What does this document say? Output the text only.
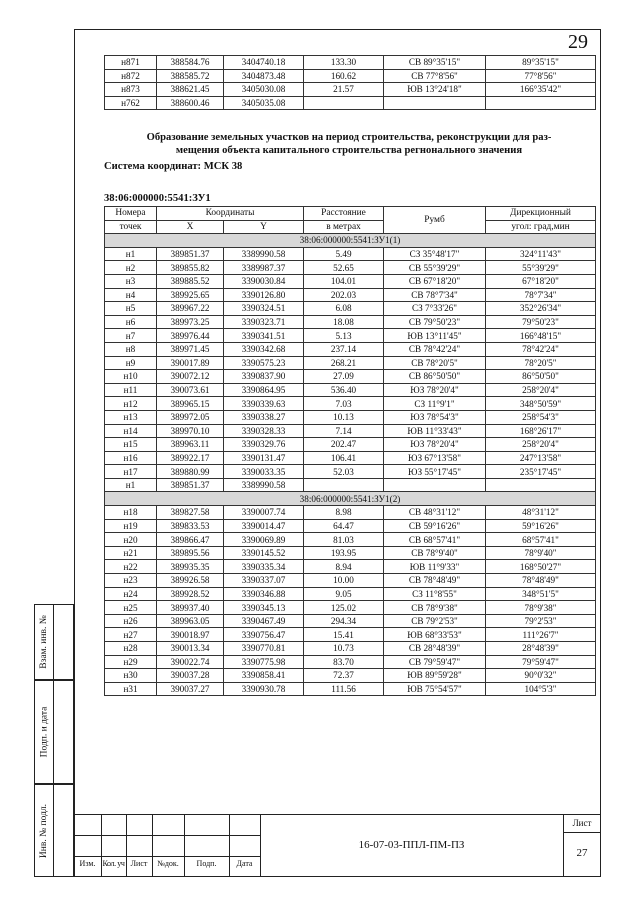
29
н871	388584.76	3404740.18	133.30	СВ 89°35'15"	89°35'15"
н872	388585.72	3404873.48	160.62	СВ 77°8'56"	77°8'56"
н873	388621.45	3405030.08	21.57	ЮВ 13°24'18"	166°35'42"
н762	388600.46	3405035.08			
Образование земельных участков на период строительства, реконструкции для раз-
мещения объекта капитального строительства регнонального значения
Система координат: МСК 38
38:06:000000:5541:ЗУ1
Номера	Координаты		Расстояние	Румб	Дирекционный
точек	X	Y	в метрах		угол: град,мин
38:06:000000:5541:ЗУ1(1)					
н1	389851.37	3389990.58	5.49	СЗ 35°48'17"	324°11'43"
н2	389855.82	3389987.37	52.65	СВ 55°39'29"	55°39'29"
н3	389885.52	3390030.84	104.01	СВ 67°18'20"	67°18'20"
н4	389925.65	3390126.80	202.03	СВ 78°7'34"	78°7'34"
н5	389967.22	3390324.51	6.08	СЗ 7°33'26"	352°26'34"
н6	389973.25	3390323.71	18.08	СВ 79°50'23"	79°50'23"
н7	389976.44	3390341.51	5.13	ЮВ 13°11'45"	166°48'15"
н8	389971.45	3390342.68	237.14	СВ 78°42'24"	78°42'24"
н9	390017.89	3390575.23	268.21	СВ 78°20'5"	78°20'5"
н10	390072.12	3390837.90	27.09	СВ 86°50'50"	86°50'50"
н11	390073.61	3390864.95	536.40	ЮЗ 78°20'4"	258°20'4"
н12	389965.15	3390339.63	7.03	СЗ 11°9'1"	348°50'59"
н13	389972.05	3390338.27	10.13	ЮЗ 78°54'3"	258°54'3"
н14	389970.10	3390328.33	7.14	ЮВ 11°33'43"	168°26'17"
н15	389963.11	3390329.76	202.47	ЮЗ 78°20'4"	258°20'4"
н16	389922.17	3390131.47	106.41	ЮЗ 67°13'58"	247°13'58"
н17	389880.99	3390033.35	52.03	ЮЗ 55°17'45"	235°17'45"
н1	389851.37	3389990.58			
38:06:000000:5541:ЗУ1(2)					
н18	389827.58	3390007.74	8.98	СВ 48°31'12"	48°31'12"
н19	389833.53	3390014.47	64.47	СВ 59°16'26"	59°16'26"
н20	389866.47	3390069.89	81.03	СВ 68°57'41"	68°57'41"
н21	389895.56	3390145.52	193.95	СВ 78°9'40"	78°9'40"
н22	389935.35	3390335.34	8.94	ЮВ 11°9'33"	168°50'27"
н23	389926.58	3390337.07	10.00	СВ 78°48'49"	78°48'49"
н24	389928.52	3390346.88	9.05	СЗ 11°8'55"	348°51'5"
н25	389937.40	3390345.13	125.02	СВ 78°9'38"	78°9'38"
н26	389963.05	3390467.49	294.34	СВ 79°2'53"	79°2'53"
н27	390018.97	3390756.47	15.41	ЮВ 68°33'53"	111°26'7"
н28	390013.34	3390770.81	10.73	СВ 28°48'39"	28°48'39"
н29	390022.74	3390775.98	83.70	СВ 79°59'47"	79°59'47"
н30	390037.28	3390858.41	72.37	ЮВ 89°59'28"	90°0'32"
н31	390037.27	3390930.78	111.56	ЮВ 75°54'57"	104°5'3"
Взам. инв. №
Подп. и дата
Инв. № подл.
Изм. Кол. уч Лист	№док.	Подп.	Дата
16-07-03-ППЛ-ПМ-ПЗ
Лист
27
